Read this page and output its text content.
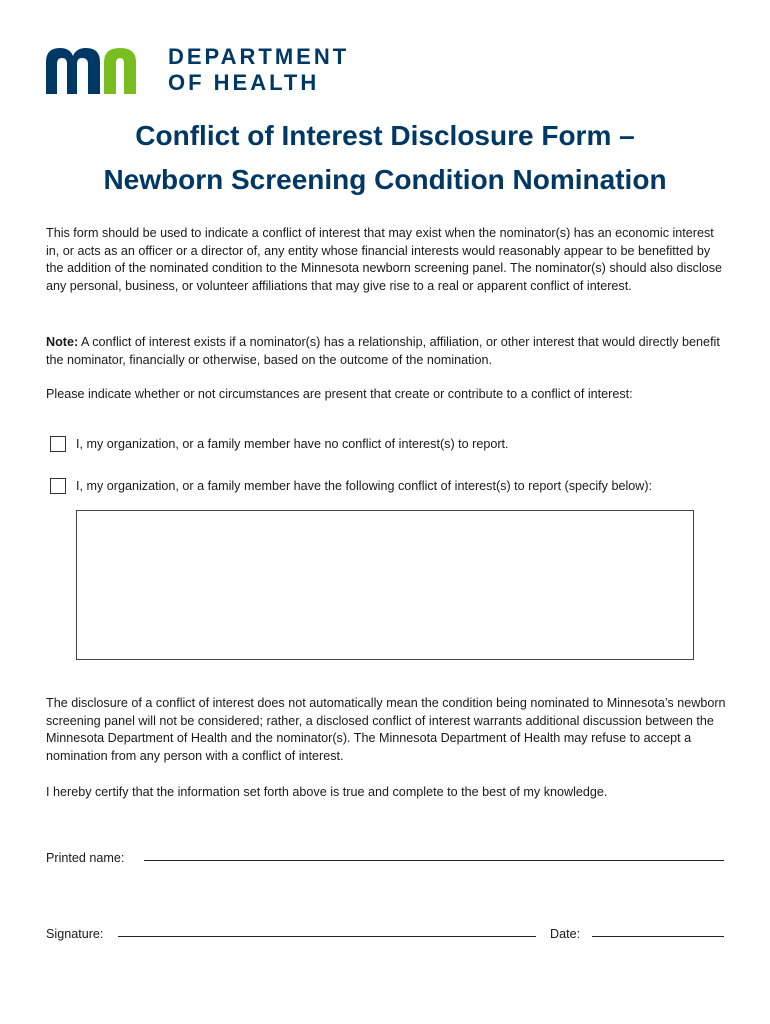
DEPARTMENT
OF HEALTH
Conflict of Interest Disclosure Form –
Newborn Screening Condition Nomination

This form should be used to indicate a conflict of interest that may exist when the nominator(s) has an economic interest in, or acts as an officer or a director of, any entity whose financial interests would reasonably appear to be benefitted by the addition of the nominated condition to the Minnesota newborn screening panel. The nominator(s) should also disclose any personal, business, or volunteer affiliations that may give rise to a real or apparent conflict of interest.

Note: A conflict of interest exists if a nominator(s) has a relationship, affiliation, or other interest that would directly benefit the nominator, financially or otherwise, based on the outcome of the nomination.

Please indicate whether or not circumstances are present that create or contribute to a conflict of interest:

I, my organization, or a family member have no conflict of interest(s) to report.
I, my organization, or a family member have the following conflict of interest(s) to report (specify below):

The disclosure of a conflict of interest does not automatically mean the condition being nominated to Minnesota’s newborn screening panel will not be considered; rather, a disclosed conflict of interest warrants additional discussion between the Minnesota Department of Health and the nominator(s). The Minnesota Department of Health may refuse to accept a nomination from any person with a conflict of interest.

I hereby certify that the information set forth above is true and complete to the best of my knowledge.

Printed name:
Signature:	Date:
